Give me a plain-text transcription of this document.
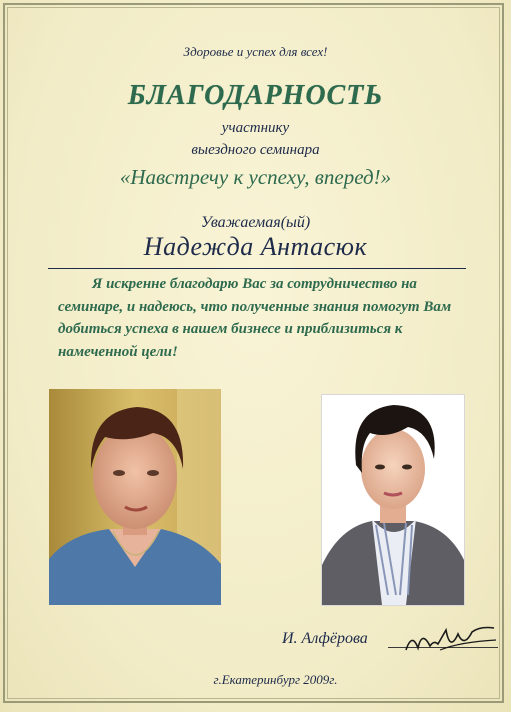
Здоровье и успех для всех!
БЛАГОДАРНОСТЬ
участнику
выездного семинара
«Навстречу к успеху, вперед!»
Уважаемая(ый)
Надежда Антасюк
Я искренне благодарю Вас за сотрудничество на
семинаре, и надеюсь, что полученные знания помогут Вам
добиться успеха в нашем бизнесе и приблизиться к
намеченной цели!
И. Алфёрова
г.Екатеринбург 2009г.
